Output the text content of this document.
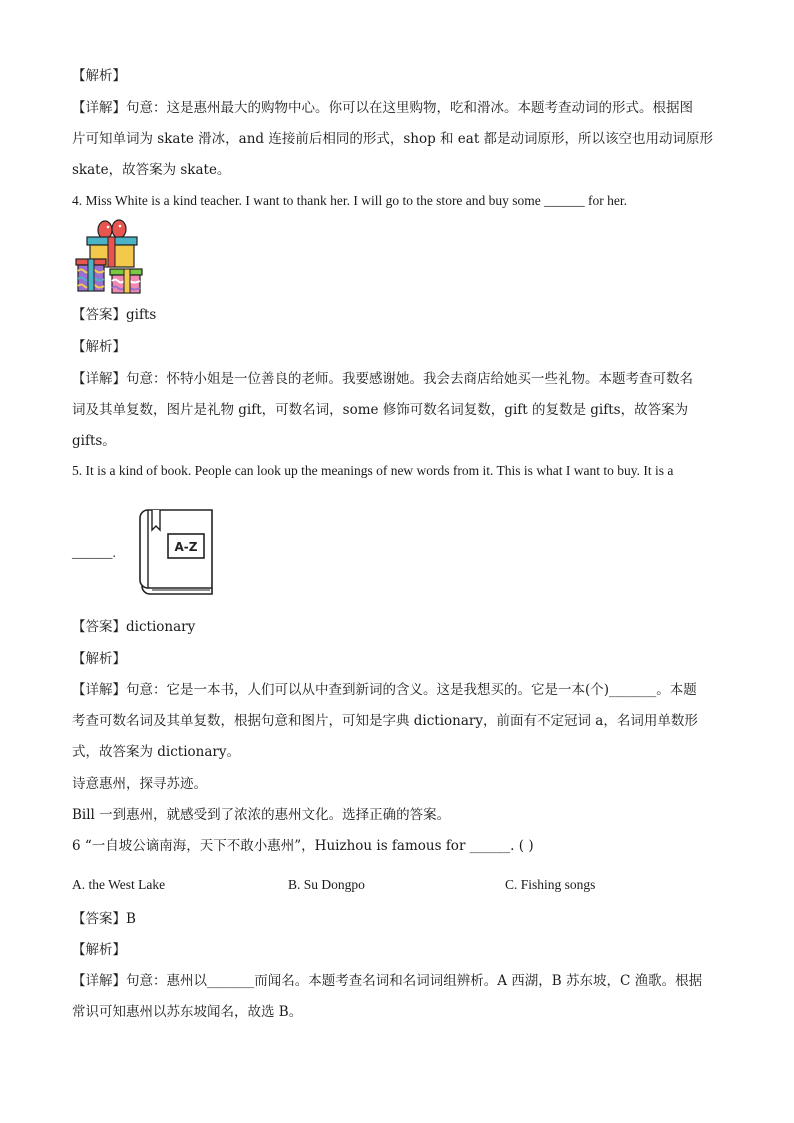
【解析】
【详解】句意：这是惠州最大的购物中心。你可以在这里购物，吃和滑冰。本题考查动词的形式。根据图
片可知单词为 skate 滑冰，and 连接前后相同的形式，shop 和 eat 都是动词原形，所以该空也用动词原形
skate，故答案为 skate。
4. Miss White is a kind teacher. I want to thank her. I will go to the store and buy some ______ for her.
【答案】gifts
【解析】
【详解】句意：怀特小姐是一位善良的老师。我要感谢她。我会去商店给她买一些礼物。本题考查可数名
词及其单复数，图片是礼物 gift，可数名词，some 修饰可数名词复数，gift 的复数是 gifts，故答案为
gifts。
5. It is a kind of book. People can look up the meanings of new words from it. This is what I want to buy. It is a
______.	A-Z
【答案】dictionary
【解析】
【详解】句意：它是一本书，人们可以从中查到新词的含义。这是我想买的。它是一本(个)_______。本题
考查可数名词及其单复数，根据句意和图片，可知是字典 dictionary，前面有不定冠词 a，名词用单数形
式，故答案为 dictionary。
诗意惠州，探寻苏迹。
Bill 一到惠州，就感受到了浓浓的惠州文化。选择正确的答案。
6 “一自坡公谪南海，天下不敢小惠州”，Huizhou is famous for ______. ( )
A. the West Lake	B. Su Dongpo	C. Fishing songs
【答案】B
【解析】
【详解】句意：惠州以_______而闻名。本题考查名词和名词词组辨析。A 西湖，B 苏东坡，C 渔歌。根据
常识可知惠州以苏东坡闻名，故选 B。
